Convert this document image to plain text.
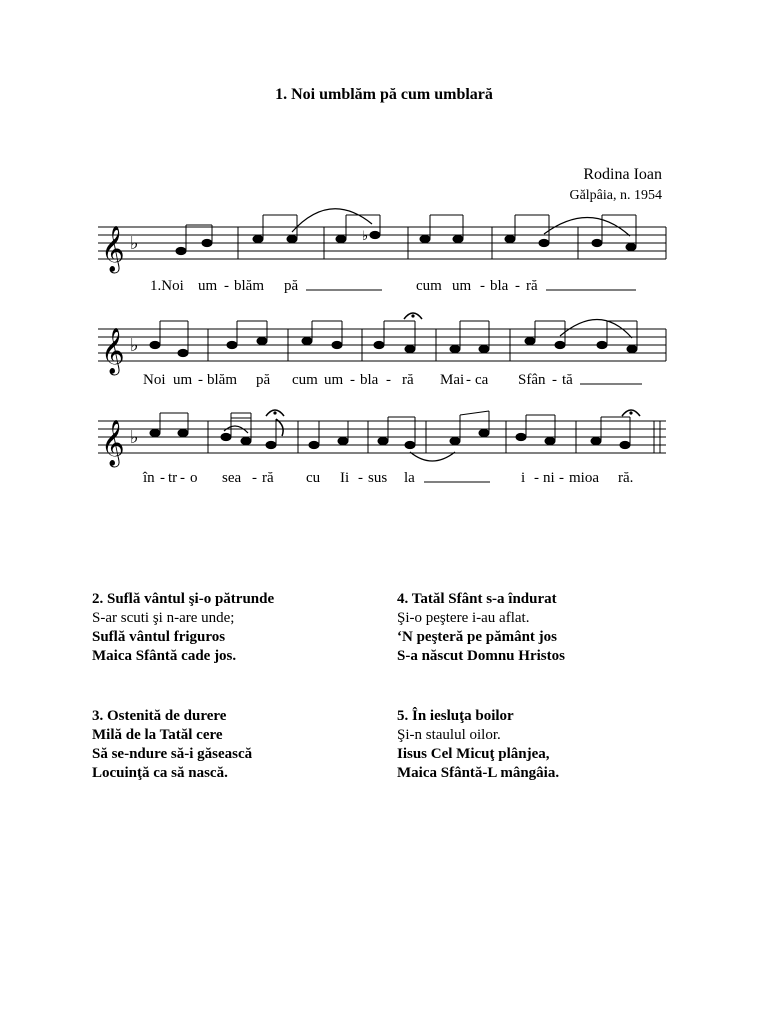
1. Noi umblăm pă cum umblară
Rodina Ioan
Gălpâia, n. 1954
𝄞 ♭	♭
1.Noi um - blăm pă	cum um - bla - ră
𝄞 ♭
Noi um - blăm pă cum um - bla - ră Mai - ca Sfân - tă
𝄞 ♭
în - tr - o sea - ră cu Ii - sus la	i - ni - mioa ră.
2. Suflă vântul şi-o pătrunde
S-ar scuti şi n-are unde;
Suflă vântul friguros
Maica Sfântă cade jos.
4. Tatăl Sfânt s-a îndurat
Şi-o peştere i-au aflat.
‘N peşteră pe pământ jos
S-a născut Domnu Hristos
3. Ostenită de durere
Milă de la Tatăl cere
Să se-ndure să-i găsească
Locuinţă ca să nască.
5. În iesluţa boilor
Şi-n staulul oilor.
Iisus Cel Micuţ plânjea,
Maica Sfântă-L mângâia.
